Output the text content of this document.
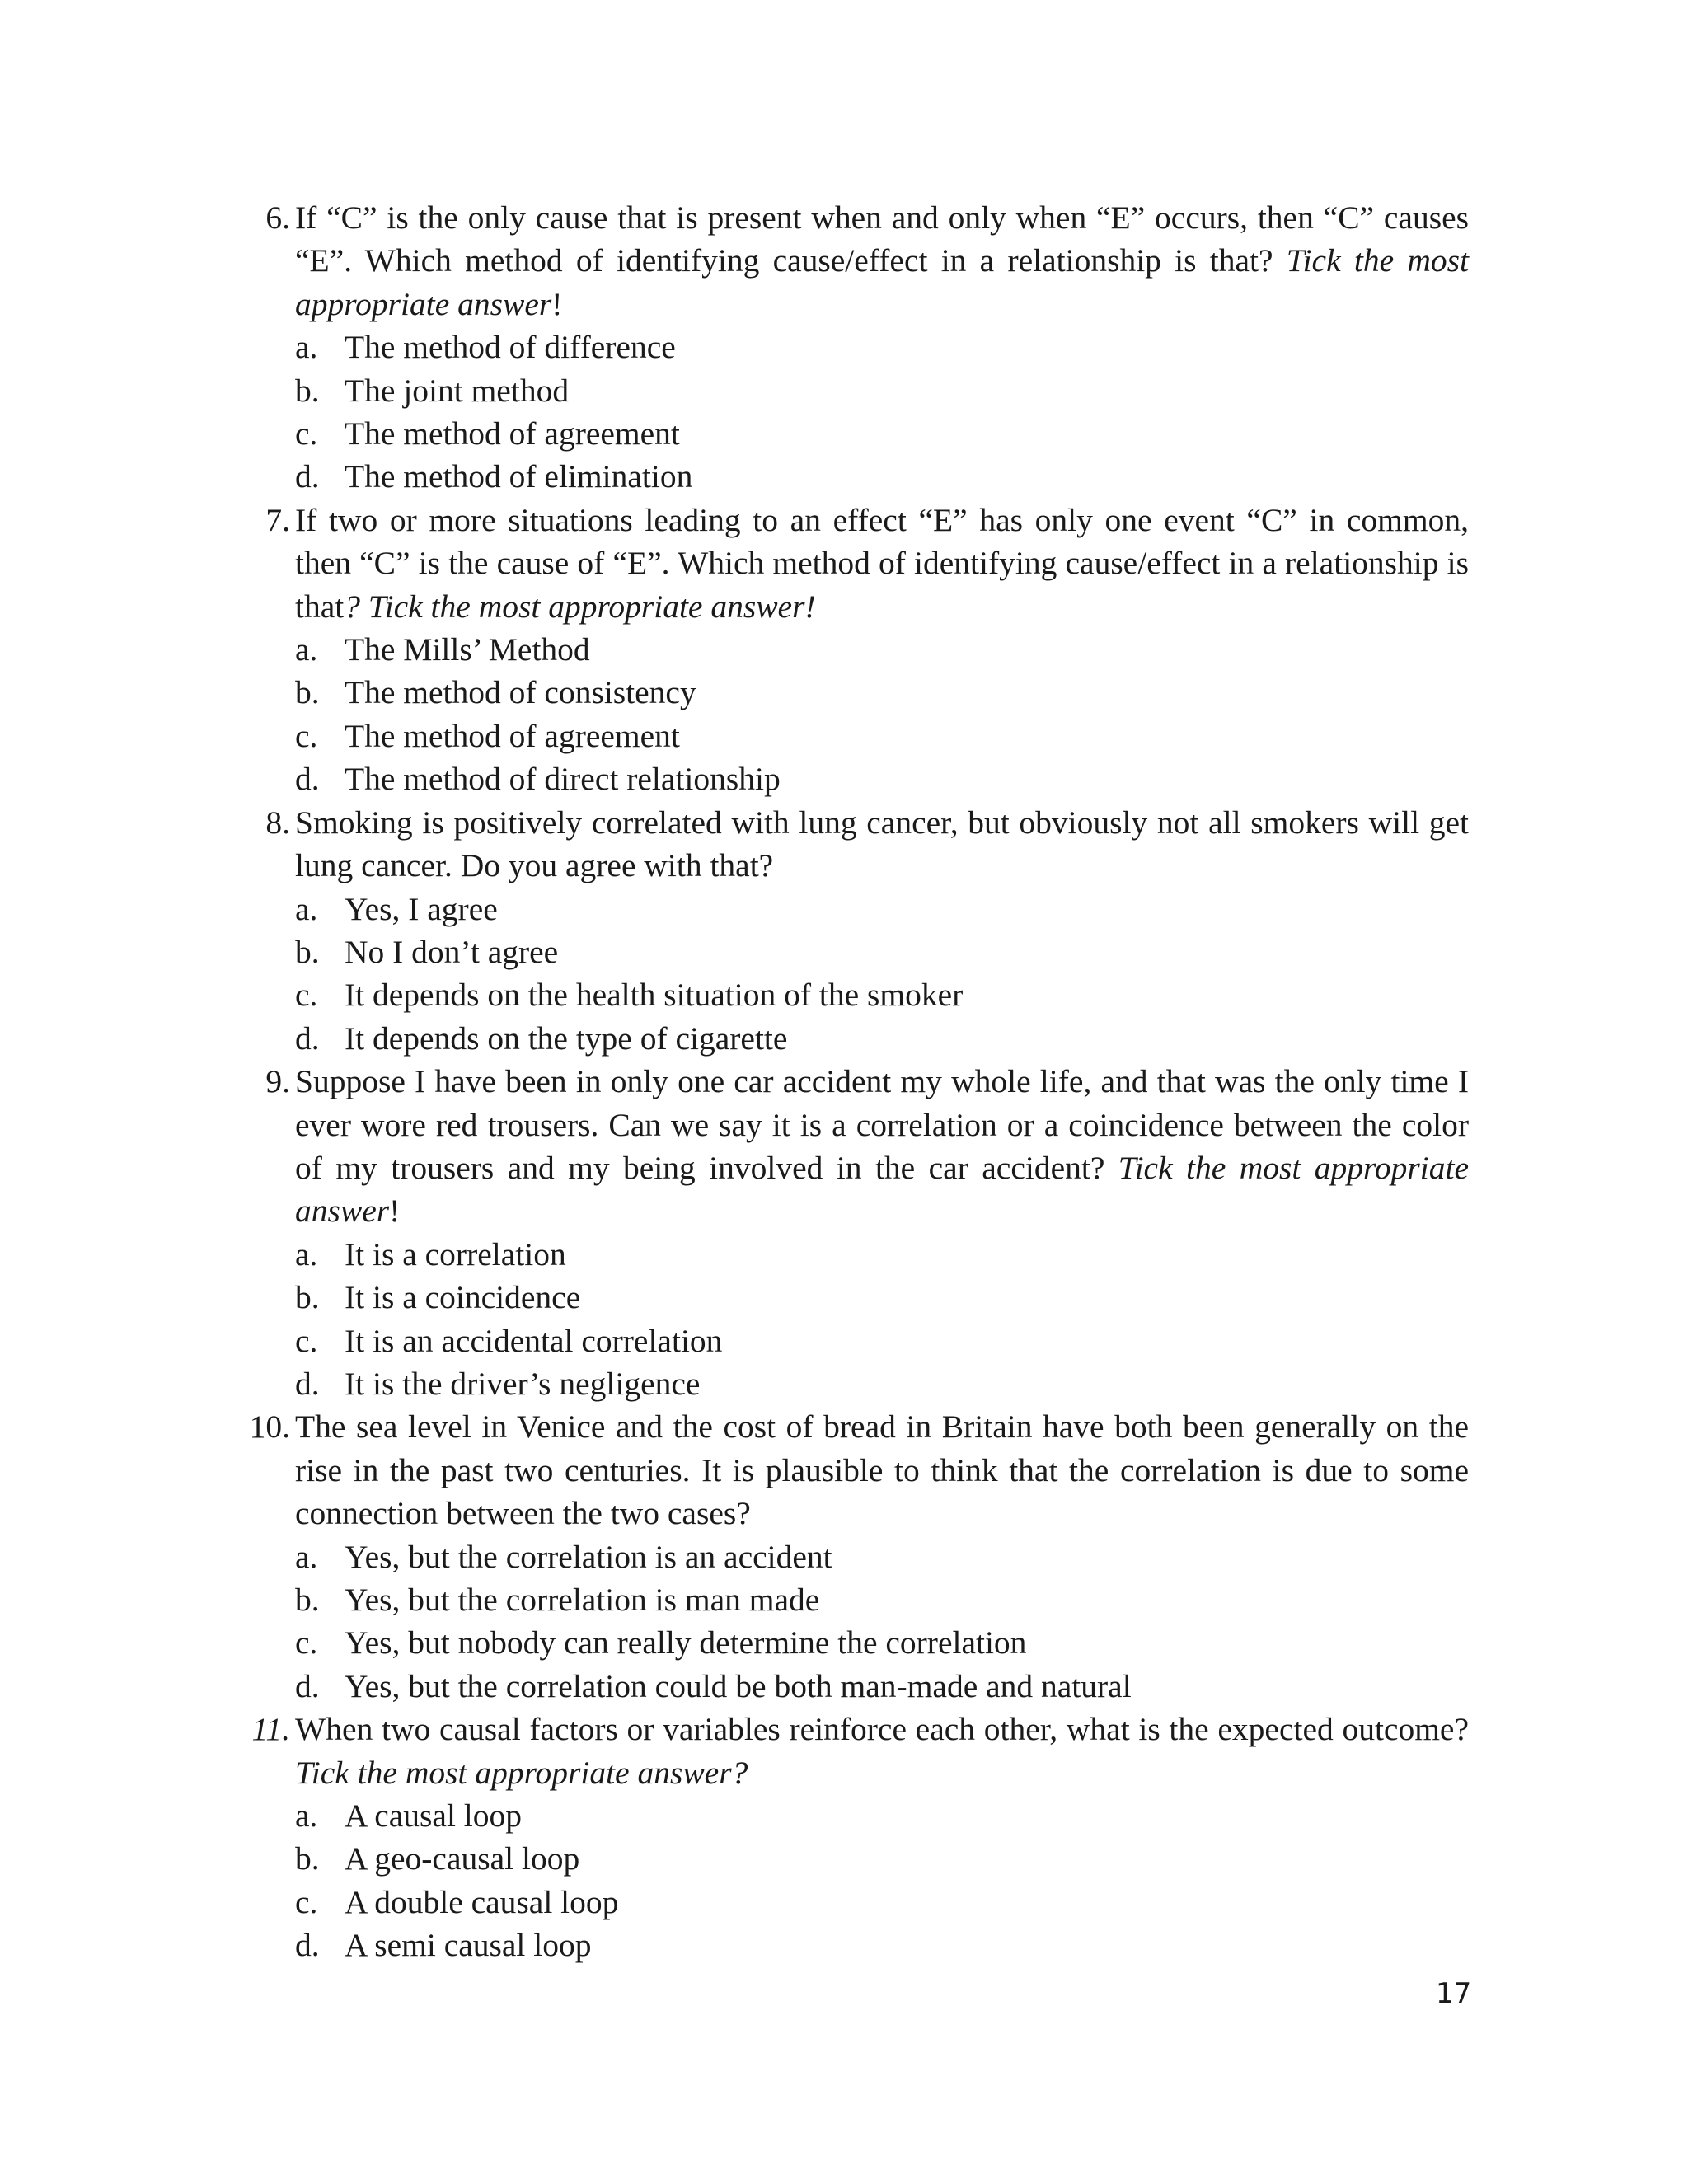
6. If “C” is the only cause that is present when and only when “E” occurs, then “C” causes “E”. Which method of identifying cause/effect in a relationship is that? Tick the most appropriate answer!
a. The method of difference
b. The joint method
c. The method of agreement
d. The method of elimination
7. If two or more situations leading to an effect “E” has only one event “C” in common, then “C” is the cause of “E”. Which method of identifying cause/effect in a relationship is that? Tick the most appropriate answer!
a. The Mills’ Method
b. The method of consistency
c. The method of agreement
d. The method of direct relationship
8. Smoking is positively correlated with lung cancer, but obviously not all smokers will get lung cancer. Do you agree with that?
a. Yes, I agree
b. No I don’t agree
c. It depends on the health situation of the smoker
d. It depends on the type of cigarette
9. Suppose I have been in only one car accident my whole life, and that was the only time I ever wore red trousers. Can we say it is a correlation or a coincidence between the color of my trousers and my being involved in the car accident? Tick the most appropriate answer!
a. It is a correlation
b. It is a coincidence
c. It is an accidental correlation
d. It is the driver’s negligence
10. The sea level in Venice and the cost of bread in Britain have both been generally on the rise in the past two centuries. It is plausible to think that the correlation is due to some connection between the two cases?
a. Yes, but the correlation is an accident
b. Yes, but the correlation is man made
c. Yes, but nobody can really determine the correlation
d. Yes, but the correlation could be both man-made and natural
11. When two causal factors or variables reinforce each other, what is the expected outcome? Tick the most appropriate answer?
a. A causal loop
b. A geo-causal loop
c. A double causal loop
d. A semi causal loop
17
